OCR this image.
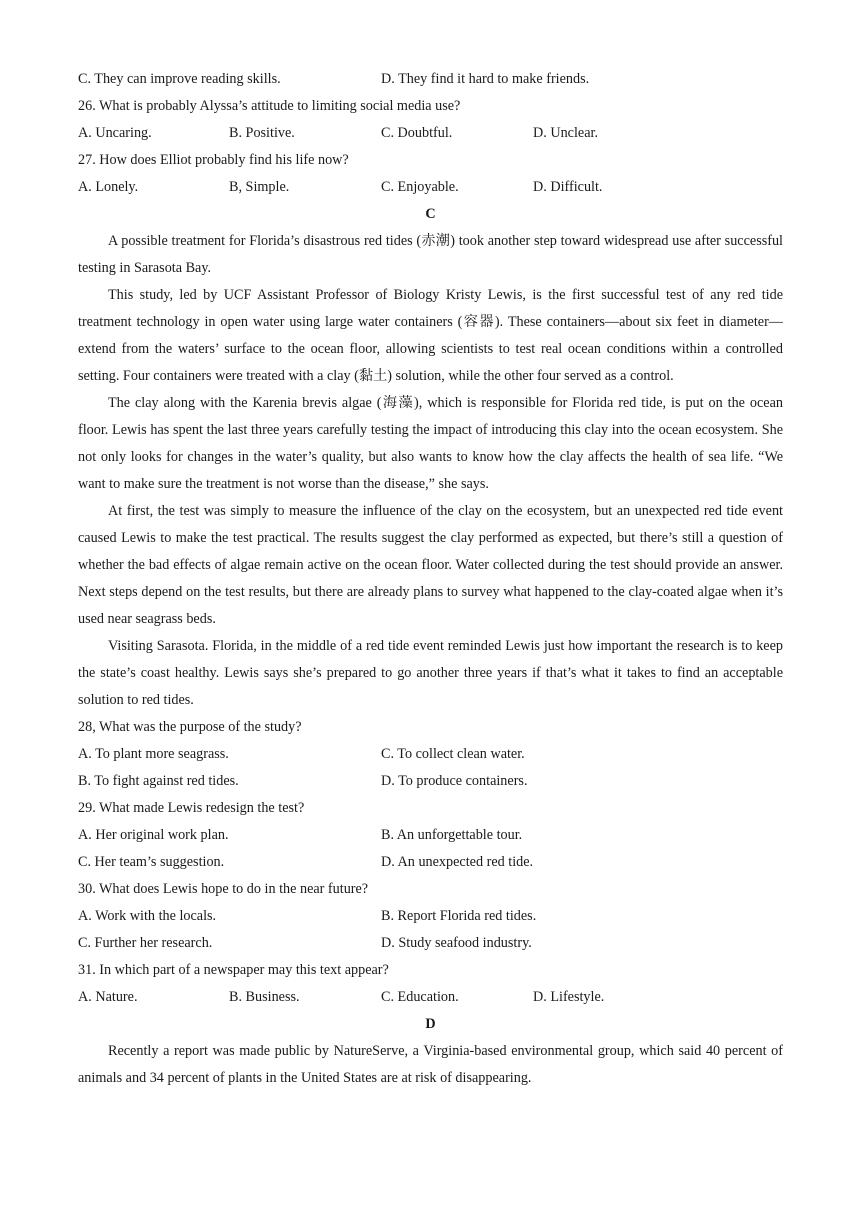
C. They can improve reading skills.	D. They find it hard to make friends.
26. What is probably Alyssa’s attitude to limiting social media use?
A. Uncaring.	B. Positive.	C. Doubtful.	D. Unclear.
27. How does Elliot probably find his life now?
A. Lonely.	B, Simple.	C. Enjoyable.	D. Difficult.
C

A possible treatment for Florida’s disastrous red tides (赤潮) took another step toward widespread use after successful testing in Sarasota Bay.

This study, led by UCF Assistant Professor of Biology Kristy Lewis, is the first successful test of any red tide treatment technology in open water using large water containers (容器). These containers—about six feet in diameter—extend from the waters’ surface to the ocean floor, allowing scientists to test real ocean conditions within a controlled setting. Four containers were treated with a clay (黏土) solution, while the other four served as a control.

The clay along with the Karenia brevis algae (海藻), which is responsible for Florida red tide, is put on the ocean floor. Lewis has spent the last three years carefully testing the impact of introducing this clay into the ocean ecosystem. She not only looks for changes in the water’s quality, but also wants to know how the clay affects the health of sea life. “We want to make sure the treatment is not worse than the disease,” she says.

At first, the test was simply to measure the influence of the clay on the ecosystem, but an unexpected red tide event caused Lewis to make the test practical. The results suggest the clay performed as expected, but there’s still a question of whether the bad effects of algae remain active on the ocean floor. Water collected during the test should provide an answer. Next steps depend on the test results, but there are already plans to survey what happened to the clay-coated algae when it’s used near seagrass beds.

Visiting Sarasota. Florida, in the middle of a red tide event reminded Lewis just how important the research is to keep the state’s coast healthy. Lewis says she’s prepared to go another three years if that’s what it takes to find an acceptable solution to red tides.

28, What was the purpose of the study?
A. To plant more seagrass.	C. To collect clean water.
B. To fight against red tides.	D. To produce containers.
29. What made Lewis redesign the test?
A. Her original work plan.	B. An unforgettable tour.
C. Her team’s suggestion.	D. An unexpected red tide.
30. What does Lewis hope to do in the near future?
A. Work with the locals.	B. Report Florida red tides.
C. Further her research.	D. Study seafood industry.
31. In which part of a newspaper may this text appear?
A. Nature.	B. Business.	C. Education.	D. Lifestyle.
D

Recently a report was made public by NatureServe, a Virginia-based environmental group, which said 40 percent of animals and 34 percent of plants in the United States are at risk of disappearing.
